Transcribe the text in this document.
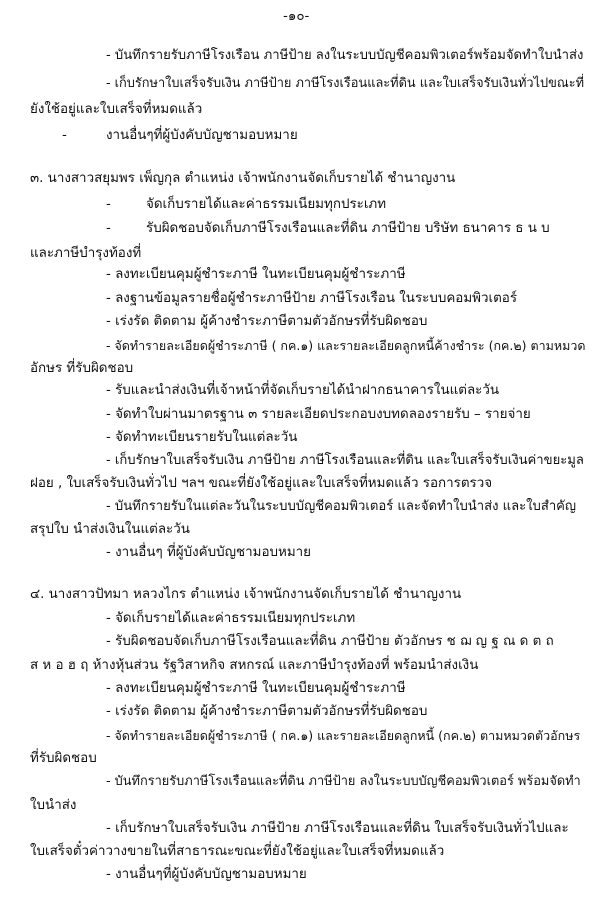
-๑๐-
- บันทึกรายรับภาษีโรงเรือน ภาษีป้าย ลงในระบบบัญชีคอมพิวเตอร์พร้อมจัดทำใบนำส่ง
- เก็บรักษาใบเสร็จรับเงิน ภาษีป้าย ภาษีโรงเรือนและที่ดิน และใบเสร็จรับเงินทั่วไปขณะที่
ยังใช้อยู่และใบเสร็จที่หมดแล้ว
-	งานอื่นๆที่ผู้บังคับบัญชามอบหมาย
๓. นางสาวสยุมพร เพ็ญกุล ตำแหน่ง เจ้าพนักงานจัดเก็บรายได้ ชำนาญงาน
-	จัดเก็บรายได้และค่าธรรมเนียมทุกประเภท
-	รับผิดชอบจัดเก็บภาษีโรงเรือนและที่ดิน ภาษีป้าย บริษัท ธนาคาร ธ น บ
และภาษีบำรุงท้องที่
- ลงทะเบียนคุมผู้ชำระภาษี ในทะเบียนคุมผู้ชำระภาษี
- ลงฐานข้อมูลรายชื่อผู้ชำระภาษีป้าย ภาษีโรงเรือน ในระบบคอมพิวเตอร์
- เร่งรัด ติดตาม ผู้ค้างชำระภาษีตามตัวอักษรที่รับผิดชอบ
- จัดทำรายละเอียดผู้ชำระภาษี ( กค.๑) และรายละเอียดลูกหนี้ค้างชำระ (กค.๒) ตามหมวด
อักษร ที่รับผิดชอบ
- รับและนำส่งเงินที่เจ้าหน้าที่จัดเก็บรายได้นำฝากธนาคารในแต่ละวัน
- จัดทำใบผ่านมาตรฐาน ๓ รายละเอียดประกอบงบทดลองรายรับ – รายจ่าย
- จัดทำทะเบียนรายรับในแต่ละวัน
- เก็บรักษาใบเสร็จรับเงิน ภาษีป้าย ภาษีโรงเรือนและที่ดิน และใบเสร็จรับเงินค่าขยะมูล
ฝอย , ใบเสร็จรับเงินทั่วไป ฯลฯ ขณะที่ยังใช้อยู่และใบเสร็จที่หมดแล้ว รอการตรวจ
- บันทึกรายรับในแต่ละวันในระบบบัญชีคอมพิวเตอร์ และจัดทำใบนำส่ง และใบสำคัญ
สรุปใบ นำส่งเงินในแต่ละวัน
- งานอื่นๆ ที่ผู้บังคับบัญชามอบหมาย
๔. นางสาวปัทมา หลวงไกร ตำแหน่ง เจ้าพนักงานจัดเก็บรายได้ ชำนาญงาน
- จัดเก็บรายได้และค่าธรรมเนียมทุกประเภท
- รับผิดชอบจัดเก็บภาษีโรงเรือนและที่ดิน ภาษีป้าย ตัวอักษร ช ฌ ญ ฐ ณ ด ต ถ
ส ห อ ฮ ฤ ห้างหุ้นส่วน รัฐวิสาหกิจ สหกรณ์ และภาษีบำรุงท้องที่ พร้อมนำส่งเงิน
- ลงทะเบียนคุมผู้ชำระภาษี ในทะเบียนคุมผู้ชำระภาษี
- เร่งรัด ติดตาม ผู้ค้างชำระภาษีตามตัวอักษรที่รับผิดชอบ
- จัดทำรายละเอียดผู้ชำระภาษี ( กค.๑) และรายละเอียดลูกหนี้ (กค.๒) ตามหมวดตัวอักษร
ที่รับผิดชอบ
- บันทึกรายรับภาษีโรงเรือนและที่ดิน ภาษีป้าย ลงในระบบบัญชีคอมพิวเตอร์ พร้อมจัดทำ
ใบนำส่ง
- เก็บรักษาใบเสร็จรับเงิน ภาษีป้าย ภาษีโรงเรือนและที่ดิน ใบเสร็จรับเงินทั่วไปและ
ใบเสร็จตั๋วค่าวางขายในที่สาธารณะขณะที่ยังใช้อยู่และใบเสร็จที่หมดแล้ว
- งานอื่นๆที่ผู้บังคับบัญชามอบหมาย
